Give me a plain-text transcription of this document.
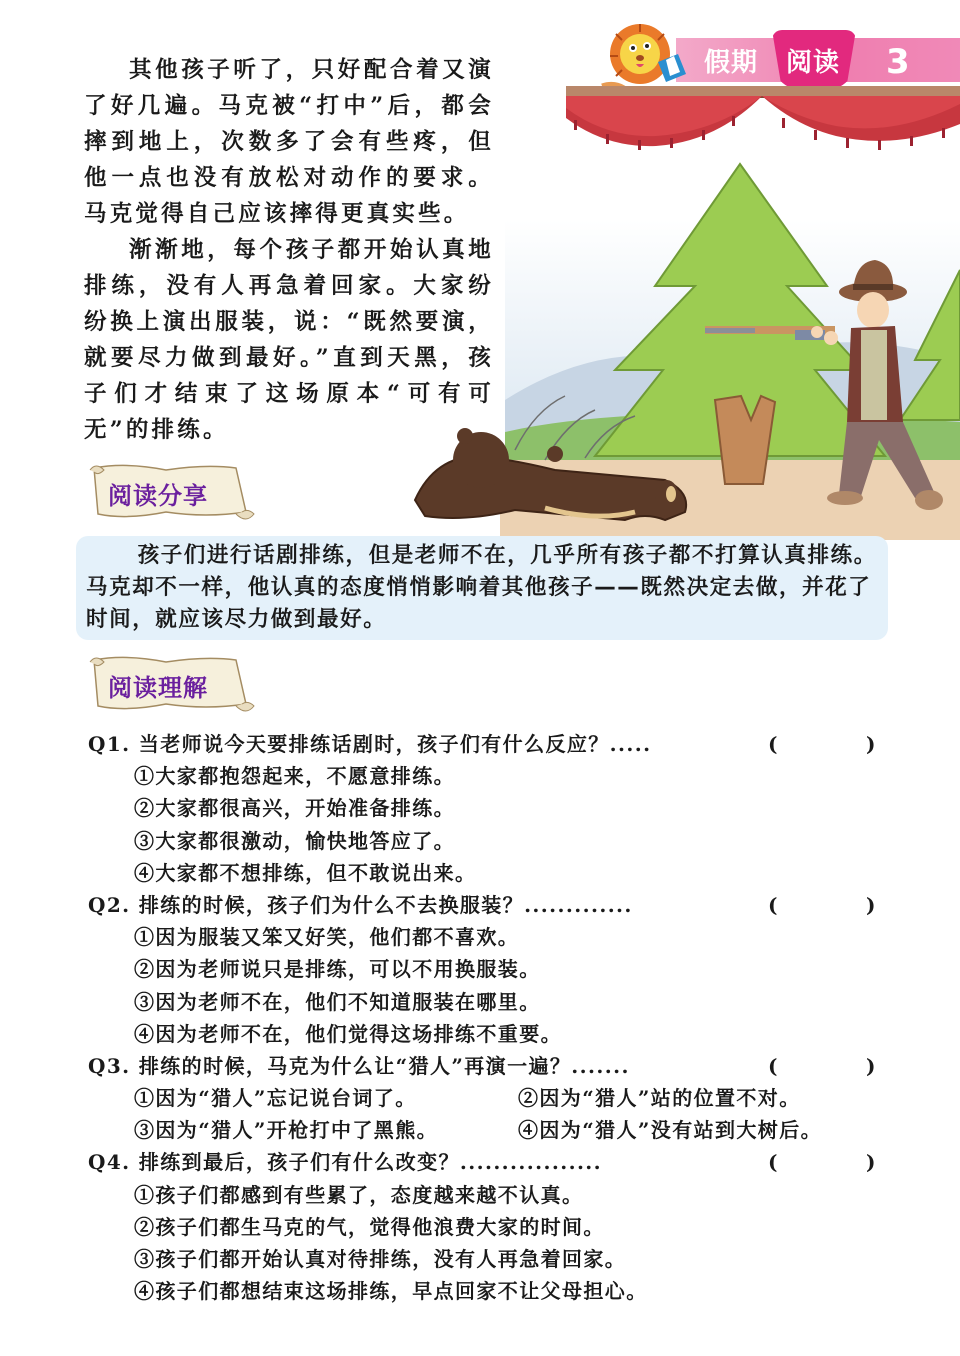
假期 阅读 3

其他孩子听了，只好配合着又演了好几遍。马克被“打中”后，都会摔到地上，次数多了会有些疼，但他一点也没有放松对动作的要求。马克觉得自己应该摔得更真实些。

渐渐地，每个孩子都开始认真地排练，没有人再急着回家。大家纷纷换上演出服装，说：“既然要演，就要尽力做到最好。”直到天黑，孩子们才结束了这场原本“可有可无”的排练。

阅读分享

孩子们进行话剧排练，但是老师不在，几乎所有孩子都不打算认真排练。马克却不一样，他认真的态度悄悄影响着其他孩子——既然决定去做，并花了时间，就应该尽力做到最好。

阅读理解
Q1. 当老师说今天要排练话剧时，孩子们有什么反应？.....	(	)
①大家都抱怨起来，不愿意排练。
②大家都很高兴，开始准备排练。
③大家都很激动，愉快地答应了。
④大家都不想排练，但不敢说出来。
Q2. 排练的时候，孩子们为什么不去换服装？.............	(	)
①因为服装又笨又好笑，他们都不喜欢。
②因为老师说只是排练，可以不用换服装。
③因为老师不在，他们不知道服装在哪里。
④因为老师不在，他们觉得这场排练不重要。
Q3. 排练的时候，马克为什么让“猎人”再演一遍？.......	(	)
①因为“猎人”忘记说台词了。	②因为“猎人”站的位置不对。
③因为“猎人”开枪打中了黑熊。	④因为“猎人”没有站到大树后。
Q4. 排练到最后，孩子们有什么改变？.................	(	)
①孩子们都感到有些累了，态度越来越不认真。
②孩子们都生马克的气，觉得他浪费大家的时间。
③孩子们都开始认真对待排练，没有人再急着回家。
④孩子们都想结束这场排练，早点回家不让父母担心。
